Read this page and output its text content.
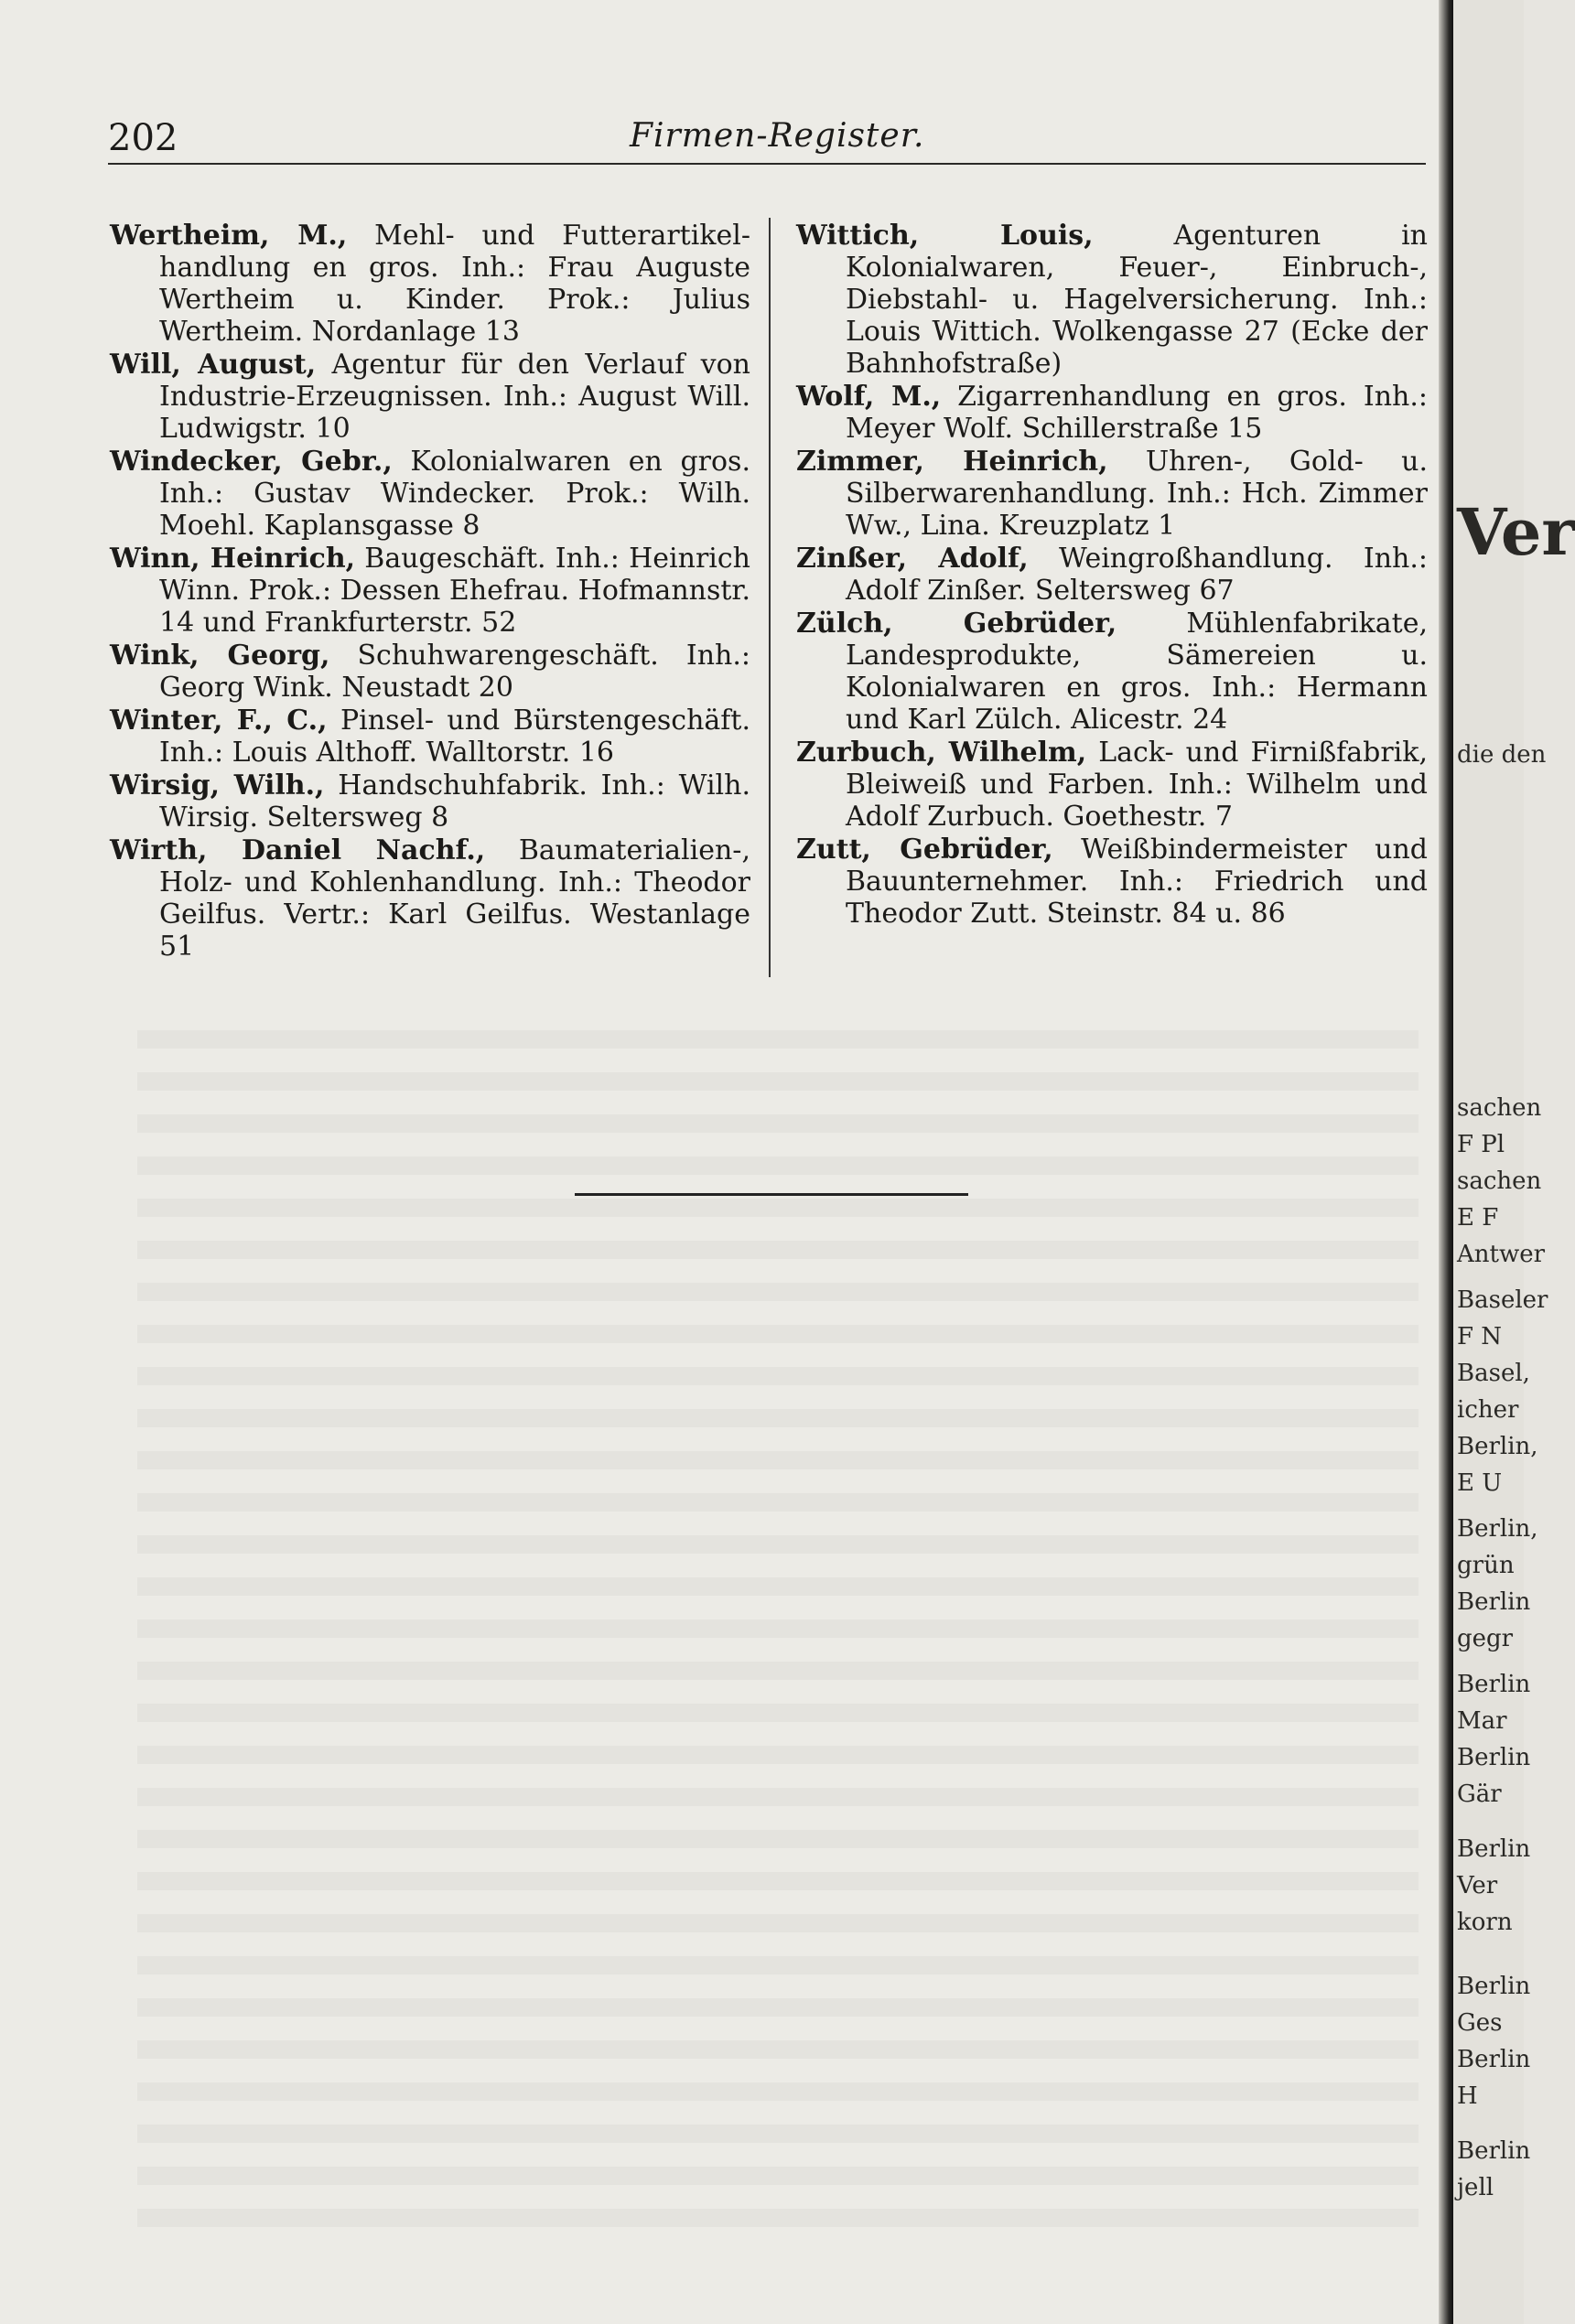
202	Firmen-Register.

Wertheim, M., Mehl- und Futterartikel-handlung en gros. Inh.: Frau Auguste Wertheim u. Kinder. Prok.: Julius Wertheim. Nordanlage 13

Will, August, Agentur für den Verlauf von Industrie-Erzeugnissen. Inh.: August Will. Ludwigstr. 10

Windecker, Gebr., Kolonialwaren en gros. Inh.: Gustav Windecker. Prok.: Wilh. Moehl. Kaplansgasse 8

Winn, Heinrich, Baugeschäft. Inh.: Heinrich Winn. Prok.: Dessen Ehefrau. Hofmannstr. 14 und Frankfurterstr. 52

Wink, Georg, Schuhwarengeschäft. Inh.: Georg Wink. Neustadt 20

Winter, F., C., Pinsel- und Bürstengeschäft. Inh.: Louis Althoff. Walltorstr. 16

Wirsig, Wilh., Handschuhfabrik. Inh.: Wilh. Wirsig. Seltersweg 8

Wirth, Daniel Nachf., Baumaterialien-, Holz- und Kohlenhandlung. Inh.: Theodor Geilfus. Vertr.: Karl Geilfus. Westanlage 51

Wittich, Louis, Agenturen in Kolonialwaren, Feuer-, Einbruch-, Diebstahl- u. Hagelversicherung. Inh.: Louis Wittich. Wolkengasse 27 (Ecke der Bahnhofstraße)

Wolf, M., Zigarrenhandlung en gros. Inh.: Meyer Wolf. Schillerstraße 15

Zimmer, Heinrich, Uhren-, Gold- u. Silberwarenhandlung. Inh.: Hch. Zimmer Ww., Lina. Kreuzplatz 1

Zinßer, Adolf, Weingroßhandlung. Inh.: Adolf Zinßer. Seltersweg 67

Zülch, Gebrüder, Mühlenfabrikate, Landesprodukte, Sämereien u. Kolonialwaren en gros. Inh.: Hermann und Karl Zülch. Alicestr. 24

Zurbuch, Wilhelm, Lack- und Firnißfabrik, Bleiweiß und Farben. Inh.: Wilhelm und Adolf Zurbuch. Goethestr. 7

Zutt, Gebrüder, Weißbindermeister und Bauunternehmer. Inh.: Friedrich und Theodor Zutt. Steinstr. 84 u. 86

Ver
die den
sachen
F Pl
sachen
E F
Antwer
Baseler
F N
Basel,
icher
Berlin,
E U
Berlin,
grün
Berlin
gegr
Berlin
Mar
Berlin
Gär
Berlin
Ver
korn
Berlin
Ges
Berlin
H
Berlin
jell
